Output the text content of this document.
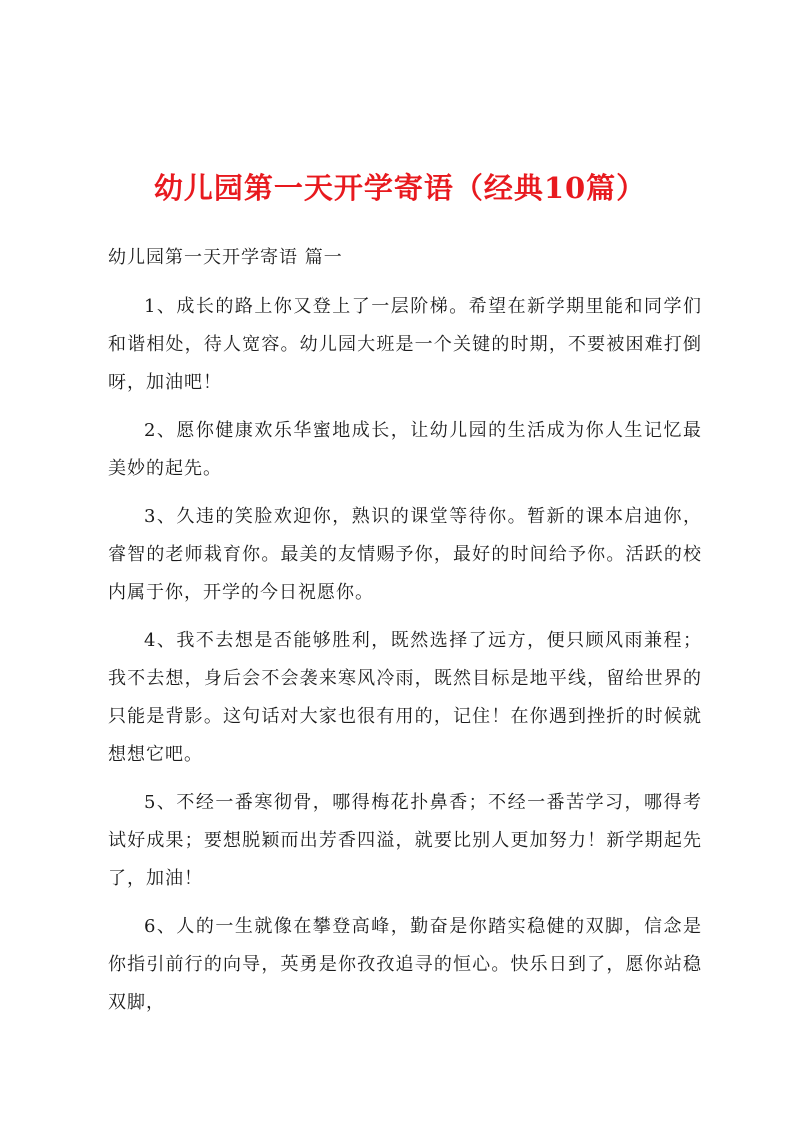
幼儿园第一天开学寄语（经典10篇）

幼儿园第一天开学寄语 篇一

1、成长的路上你又登上了一层阶梯。希望在新学期里能和同学们和谐相处，待人宽容。幼儿园大班是一个关键的时期，不要被困难打倒呀，加油吧！

2、愿你健康欢乐华蜜地成长，让幼儿园的生活成为你人生记忆最美妙的起先。

3、久违的笑脸欢迎你，熟识的课堂等待你。暂新的课本启迪你，睿智的老师栽育你。最美的友情赐予你，最好的时间给予你。活跃的校内属于你，开学的今日祝愿你。

4、我不去想是否能够胜利，既然选择了远方，便只顾风雨兼程；我不去想，身后会不会袭来寒风冷雨，既然目标是地平线，留给世界的只能是背影。这句话对大家也很有用的，记住！在你遇到挫折的时候就想想它吧。

5、不经一番寒彻骨，哪得梅花扑鼻香；不经一番苦学习，哪得考试好成果；要想脱颖而出芳香四溢，就要比别人更加努力！新学期起先了，加油！

6、人的一生就像在攀登高峰，勤奋是你踏实稳健的双脚，信念是你指引前行的向导，英勇是你孜孜追寻的恒心。快乐日到了，愿你站稳双脚，
